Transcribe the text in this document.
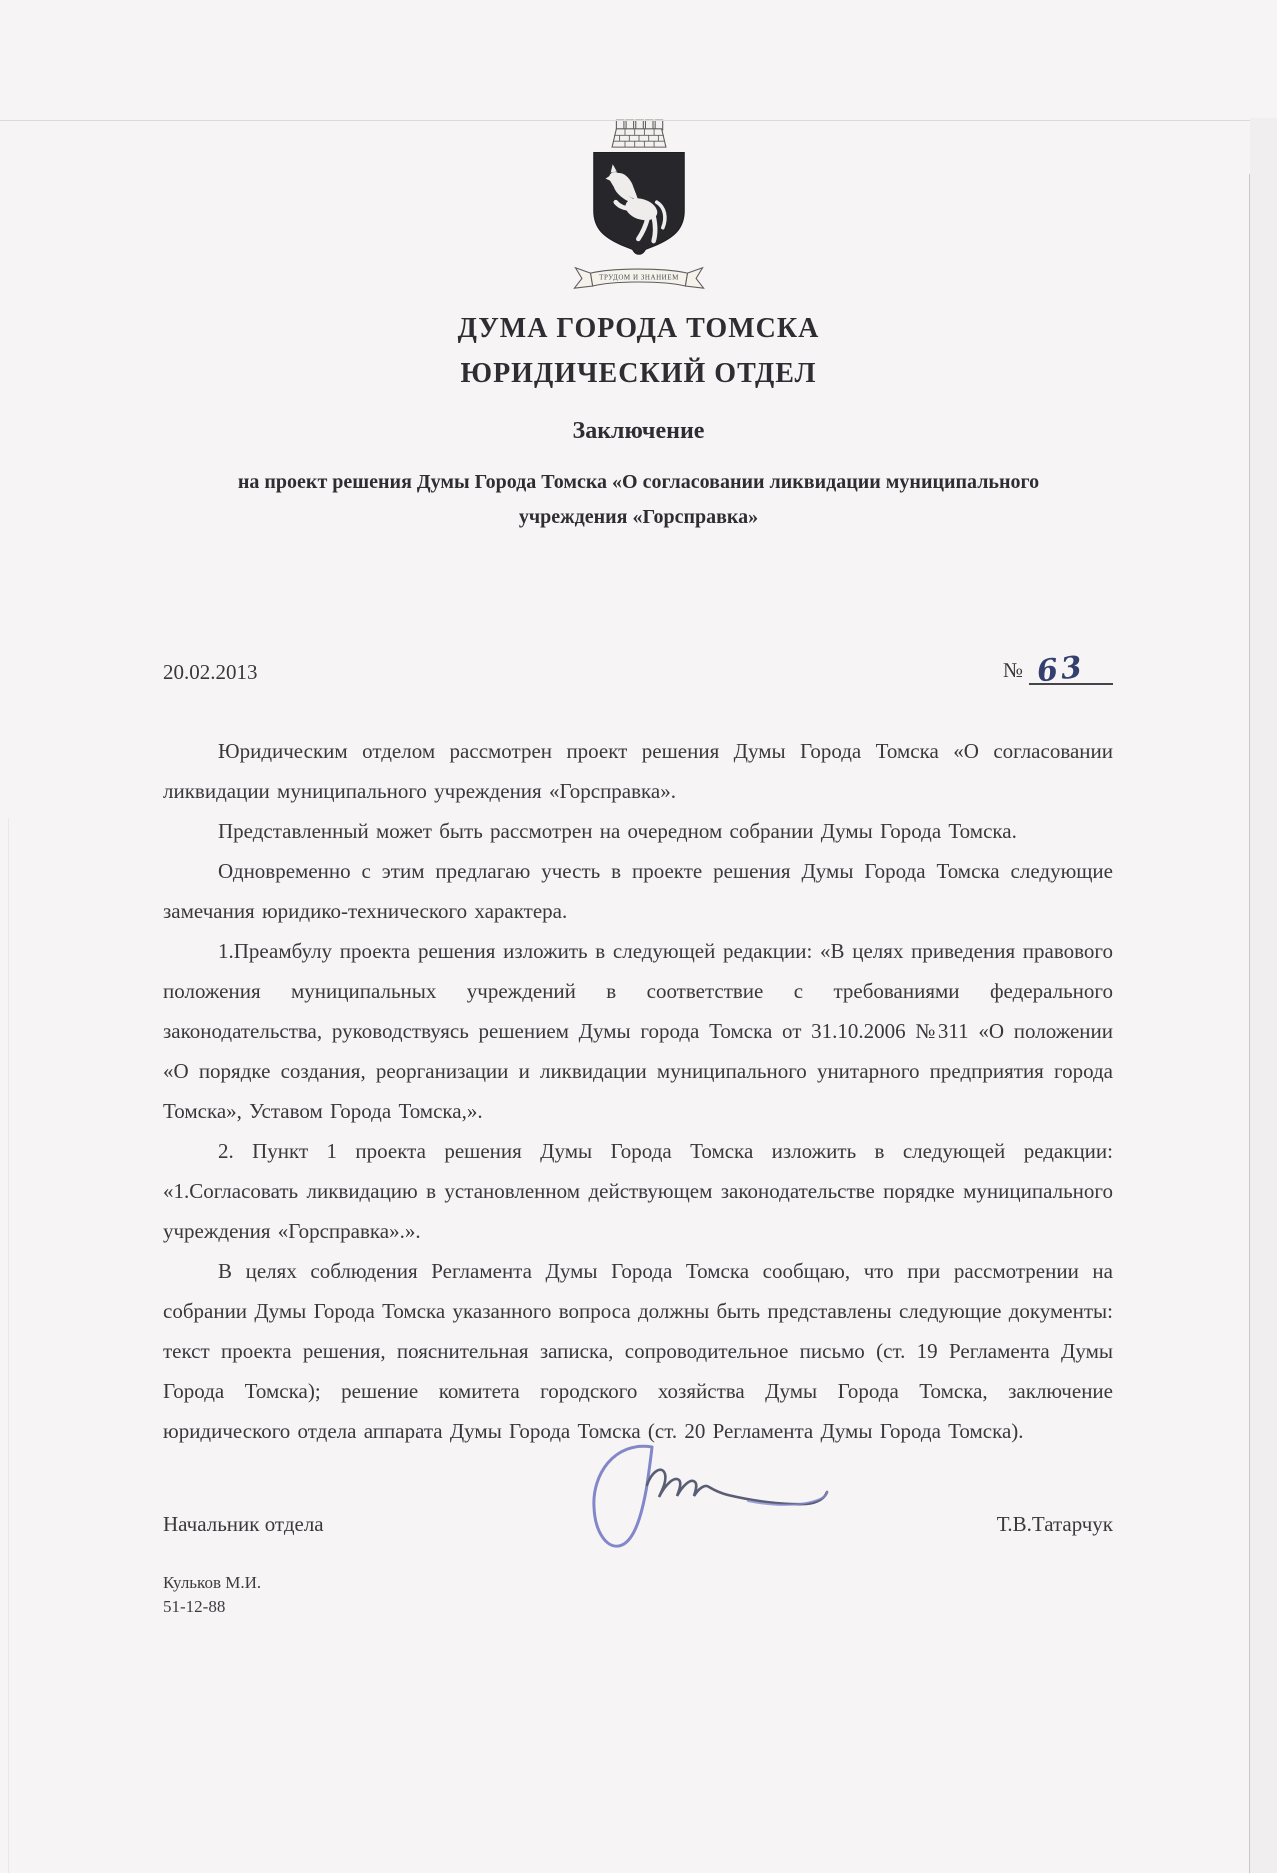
ТРУДОМ И ЗНАНИЕМ
ДУМА ГОРОДА ТОМСКА
ЮРИДИЧЕСКИЙ ОТДЕЛ
Заключение
на проект решения Думы Города Томска «О согласовании ликвидации муниципального
учреждения «Горсправка»
20.02.2013	№ 63

Юридическим отделом рассмотрен проект решения Думы Города Томска «О согласовании ликвидации муниципального учреждения «Горсправка».

Представленный может быть рассмотрен на очередном собрании Думы Города Томска.

Одновременно с этим предлагаю учесть в проекте решения Думы Города Томска следующие замечания юридико-технического характера.

1.Преамбулу проекта решения изложить в следующей редакции: «В целях приведения правового положения муниципальных учреждений в соответствие с требованиями федерального законодательства, руководствуясь решением Думы города Томска от 31.10.2006 №311 «О положении «О порядке создания, реорганизации и ликвидации муниципального унитарного предприятия города Томска», Уставом Города Томска,».

2. Пункт 1 проекта решения Думы Города Томска изложить в следующей редакции: «1.Согласовать ликвидацию в установленном действующем законодательстве порядке муниципального учреждения «Горсправка».».

В целях соблюдения Регламента Думы Города Томска сообщаю, что при рассмотрении на собрании Думы Города Томска указанного вопроса должны быть представлены следующие документы: текст проекта решения, пояснительная записка, сопроводительное письмо (ст. 19 Регламента Думы Города Томска); решение комитета городского хозяйства Думы Города Томска, заключение юридического отдела аппарата Думы Города Томска (ст. 20 Регламента Думы Города Томска).

Начальник отдела	Т.В.Татарчук
Кульков М.И.
51-12-88
